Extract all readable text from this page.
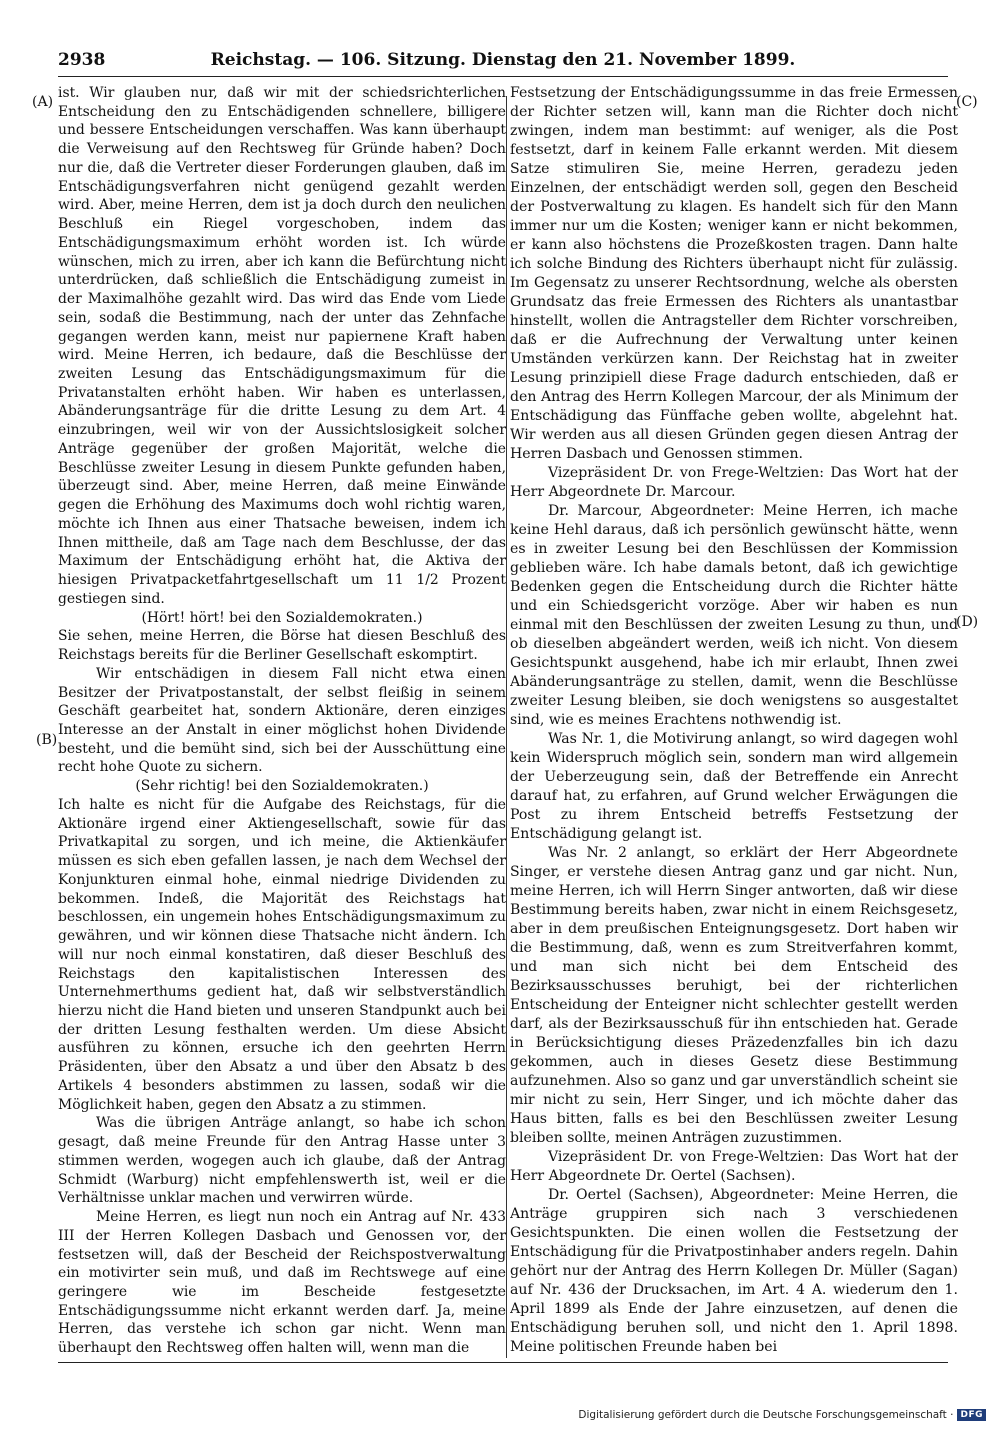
2938	Reichstag. — 106. Sitzung. Dienstag den 21. November 1899.

ist. Wir glauben nur, daß wir mit der schiedsrichterlichen Entscheidung den zu Entschädigenden schnellere, billigere und bessere Entscheidungen verschaffen. Was kann überhaupt die Verweisung auf den Rechtsweg für Gründe haben? Doch nur die, daß die Vertreter dieser Forderungen glauben, daß im Entschädigungsverfahren nicht genügend gezahlt werden wird. Aber, meine Herren, dem ist ja doch durch den neulichen Beschluß ein Riegel vorgeschoben, indem das Entschädigungsmaximum erhöht worden ist. Ich würde wünschen, mich zu irren, aber ich kann die Befürchtung nicht unterdrücken, daß schließlich die Entschädigung zumeist in der Maximalhöhe gezahlt wird. Das wird das Ende vom Liede sein, sodaß die Bestimmung, nach der unter das Zehnfache gegangen werden kann, meist nur papiernene Kraft haben wird. Meine Herren, ich bedaure, daß die Beschlüsse der zweiten Lesung das Entschädigungsmaximum für die Privatanstalten erhöht haben. Wir haben es unterlassen, Abänderungsanträge für die dritte Lesung zu dem Art. 4 einzubringen, weil wir von der Aussichtslosigkeit solcher Anträge gegenüber der großen Majorität, welche die Beschlüsse zweiter Lesung in diesem Punkte gefunden haben, überzeugt sind. Aber, meine Herren, daß meine Einwände gegen die Erhöhung des Maximums doch wohl richtig waren, möchte ich Ihnen aus einer Thatsache beweisen, indem ich Ihnen mittheile, daß am Tage nach dem Beschlusse, der das Maximum der Entschädigung erhöht hat, die Aktiva der hiesigen Privatpacketfahrtgesellschaft um 11 1/2 Prozent gestiegen sind.

(Hört! hört! bei den Sozialdemokraten.)

Sie sehen, meine Herren, die Börse hat diesen Beschluß des Reichstags bereits für die Berliner Gesellschaft eskomptirt.

Wir entschädigen in diesem Fall nicht etwa einen Besitzer der Privatpostanstalt, der selbst fleißig in seinem Geschäft gearbeitet hat, sondern Aktionäre, deren einziges Interesse an der Anstalt in einer möglichst hohen Dividende besteht, und die bemüht sind, sich bei der Ausschüttung eine recht hohe Quote zu sichern.

(Sehr richtig! bei den Sozialdemokraten.)

Ich halte es nicht für die Aufgabe des Reichstags, für die Aktionäre irgend einer Aktiengesellschaft, sowie für das Privatkapital zu sorgen, und ich meine, die Aktienkäufer müssen es sich eben gefallen lassen, je nach dem Wechsel der Konjunkturen einmal hohe, einmal niedrige Dividenden zu bekommen. Indeß, die Majorität des Reichstags hat beschlossen, ein ungemein hohes Entschädigungsmaximum zu gewähren, und wir können diese Thatsache nicht ändern. Ich will nur noch einmal konstatiren, daß dieser Beschluß des Reichstags den kapitalistischen Interessen des Unternehmerthums gedient hat, daß wir selbstverständlich hierzu nicht die Hand bieten und unseren Standpunkt auch bei der dritten Lesung festhalten werden. Um diese Absicht ausführen zu können, ersuche ich den geehrten Herrn Präsidenten, über den Absatz a und über den Absatz b des Artikels 4 besonders abstimmen zu lassen, sodaß wir die Möglichkeit haben, gegen den Absatz a zu stimmen.

Was die übrigen Anträge anlangt, so habe ich schon gesagt, daß meine Freunde für den Antrag Hasse unter 3 stimmen werden, wogegen auch ich glaube, daß der Antrag Schmidt (Warburg) nicht empfehlenswerth ist, weil er die Verhältnisse unklar machen und verwirren würde.

Meine Herren, es liegt nun noch ein Antrag auf Nr. 433 III der Herren Kollegen Dasbach und Genossen vor, der festsetzen will, daß der Bescheid der Reichspostverwaltung ein motivirter sein muß, und daß im Rechtswege auf eine geringere wie im Bescheide festgesetzte Entschädigungssumme nicht erkannt werden darf. Ja, meine Herren, das verstehe ich schon gar nicht. Wenn man überhaupt den Rechtsweg offen halten will, wenn man die

Festsetzung der Entschädigungssumme in das freie Ermessen der Richter setzen will, kann man die Richter doch nicht zwingen, indem man bestimmt: auf weniger, als die Post festsetzt, darf in keinem Falle erkannt werden. Mit diesem Satze stimuliren Sie, meine Herren, geradezu jeden Einzelnen, der entschädigt werden soll, gegen den Bescheid der Postverwaltung zu klagen. Es handelt sich für den Mann immer nur um die Kosten; weniger kann er nicht bekommen, er kann also höchstens die Prozeßkosten tragen. Dann halte ich solche Bindung des Richters überhaupt nicht für zulässig. Im Gegensatz zu unserer Rechtsordnung, welche als obersten Grundsatz das freie Ermessen des Richters als unantastbar hinstellt, wollen die Antragsteller dem Richter vorschreiben, daß er die Aufrechnung der Verwaltung unter keinen Umständen verkürzen kann. Der Reichstag hat in zweiter Lesung prinzipiell diese Frage dadurch entschieden, daß er den Antrag des Herrn Kollegen Marcour, der als Minimum der Entschädigung das Fünffache geben wollte, abgelehnt hat. Wir werden aus all diesen Gründen gegen diesen Antrag der Herren Dasbach und Genossen stimmen.

Vizepräsident Dr. von Frege-Weltzien: Das Wort hat der Herr Abgeordnete Dr. Marcour.

Dr. Marcour, Abgeordneter: Meine Herren, ich mache keine Hehl daraus, daß ich persönlich gewünscht hätte, wenn es in zweiter Lesung bei den Beschlüssen der Kommission geblieben wäre. Ich habe damals betont, daß ich gewichtige Bedenken gegen die Entscheidung durch die Richter hätte und ein Schiedsgericht vorzöge. Aber wir haben es nun einmal mit den Beschlüssen der zweiten Lesung zu thun, und ob dieselben abgeändert werden, weiß ich nicht. Von diesem Gesichtspunkt ausgehend, habe ich mir erlaubt, Ihnen zwei Abänderungsanträge zu stellen, damit, wenn die Beschlüsse zweiter Lesung bleiben, sie doch wenigstens so ausgestaltet sind, wie es meines Erachtens nothwendig ist.

Was Nr. 1, die Motivirung anlangt, so wird dagegen wohl kein Widerspruch möglich sein, sondern man wird allgemein der Ueberzeugung sein, daß der Betreffende ein Anrecht darauf hat, zu erfahren, auf Grund welcher Erwägungen die Post zu ihrem Entscheid betreffs Festsetzung der Entschädigung gelangt ist.

Was Nr. 2 anlangt, so erklärt der Herr Abgeordnete Singer, er verstehe diesen Antrag ganz und gar nicht. Nun, meine Herren, ich will Herrn Singer antworten, daß wir diese Bestimmung bereits haben, zwar nicht in einem Reichsgesetz, aber in dem preußischen Enteignungsgesetz. Dort haben wir die Bestimmung, daß, wenn es zum Streitverfahren kommt, und man sich nicht bei dem Entscheid des Bezirksausschusses beruhigt, bei der richterlichen Entscheidung der Enteigner nicht schlechter gestellt werden darf, als der Bezirksausschuß für ihn entschieden hat. Gerade in Berücksichtigung dieses Präzedenzfalles bin ich dazu gekommen, auch in dieses Gesetz diese Bestimmung aufzunehmen. Also so ganz und gar unverständlich scheint sie mir nicht zu sein, Herr Singer, und ich möchte daher das Haus bitten, falls es bei den Beschlüssen zweiter Lesung bleiben sollte, meinen Anträgen zuzustimmen.

Vizepräsident Dr. von Frege-Weltzien: Das Wort hat der Herr Abgeordnete Dr. Oertel (Sachsen).

Dr. Oertel (Sachsen), Abgeordneter: Meine Herren, die Anträge gruppiren sich nach 3 verschiedenen Gesichtspunkten. Die einen wollen die Festsetzung der Entschädigung für die Privatpostinhaber anders regeln. Dahin gehört nur der Antrag des Herrn Kollegen Dr. Müller (Sagan) auf Nr. 436 der Drucksachen, im Art. 4 A. wiederum den 1. April 1899 als Ende der Jahre einzusetzen, auf denen die Entschädigung beruhen soll, und nicht den 1. April 1898. Meine politischen Freunde haben bei

(A)
(B)
(C)
(D)
Digitalisierung gefördert durch die Deutsche Forschungsgemeinschaft · DFG
